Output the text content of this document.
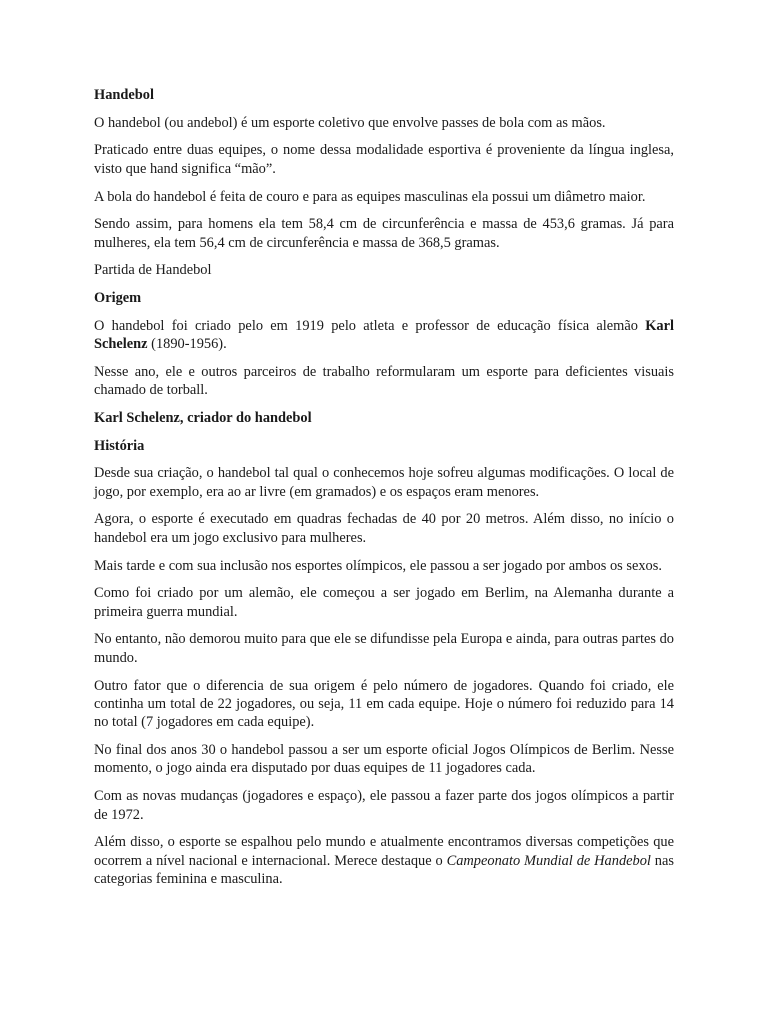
Handebol

O handebol (ou andebol) é um esporte coletivo que envolve passes de bola com as mãos.

Praticado entre duas equipes, o nome dessa modalidade esportiva é proveniente da língua inglesa, visto que hand significa “mão”.

A bola do handebol é feita de couro e para as equipes masculinas ela possui um diâmetro maior.

Sendo assim, para homens ela tem 58,4 cm de circunferência e massa de 453,6 gramas. Já para mulheres, ela tem 56,4 cm de circunferência e massa de 368,5 gramas.

Partida de Handebol

Origem

O handebol foi criado pelo em 1919 pelo atleta e professor de educação física alemão Karl Schelenz (1890-1956).

Nesse ano, ele e outros parceiros de trabalho reformularam um esporte para deficientes visuais chamado de torball.

Karl Schelenz, criador do handebol

História

Desde sua criação, o handebol tal qual o conhecemos hoje sofreu algumas modificações. O local de jogo, por exemplo, era ao ar livre (em gramados) e os espaços eram menores.

Agora, o esporte é executado em quadras fechadas de 40 por 20 metros. Além disso, no início o handebol era um jogo exclusivo para mulheres.

Mais tarde e com sua inclusão nos esportes olímpicos, ele passou a ser jogado por ambos os sexos.

Como foi criado por um alemão, ele começou a ser jogado em Berlim, na Alemanha durante a primeira guerra mundial.

No entanto, não demorou muito para que ele se difundisse pela Europa e ainda, para outras partes do mundo.

Outro fator que o diferencia de sua origem é pelo número de jogadores. Quando foi criado, ele continha um total de 22 jogadores, ou seja, 11 em cada equipe. Hoje o número foi reduzido para 14 no total (7 jogadores em cada equipe).

No final dos anos 30 o handebol passou a ser um esporte oficial Jogos Olímpicos de Berlim. Nesse momento, o jogo ainda era disputado por duas equipes de 11 jogadores cada.

Com as novas mudanças (jogadores e espaço), ele passou a fazer parte dos jogos olímpicos a partir de 1972.

Além disso, o esporte se espalhou pelo mundo e atualmente encontramos diversas competições que ocorrem a nível nacional e internacional. Merece destaque o Campeonato Mundial de Handebol nas categorias feminina e masculina.
